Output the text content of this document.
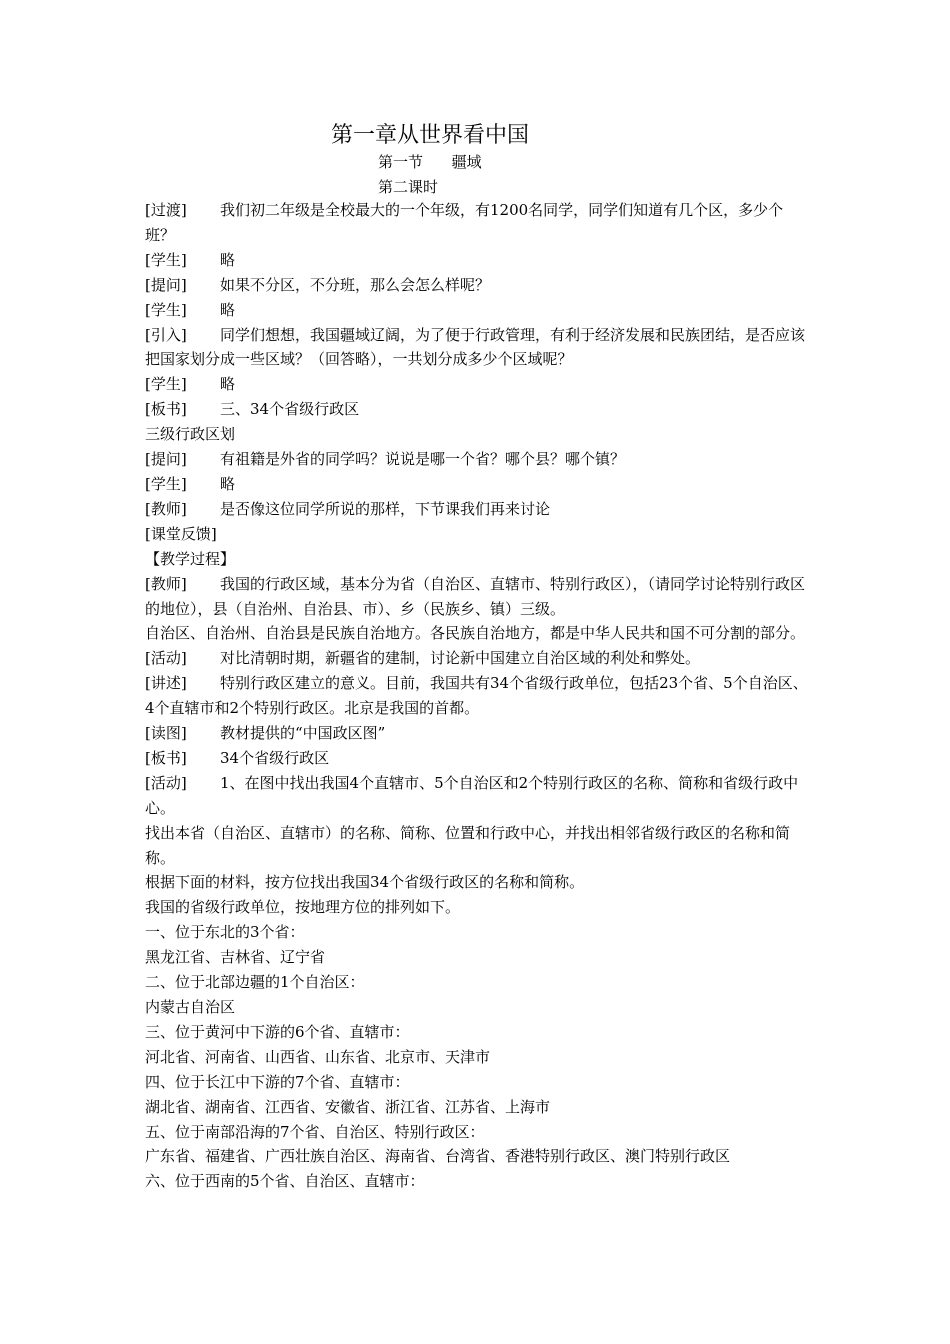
第一章从世界看中国
第一节      疆域
第二课时

[过渡] 我们初二年级是全校最大的一个年级，有1200名同学，同学们知道有几个区，多少个班？

[学生] 略

[提问] 如果不分区，不分班，那么会怎么样呢？

[学生] 略

[引入] 同学们想想，我国疆域辽阔，为了便于行政管理，有利于经济发展和民族团结，是否应该把国家划分成一些区域？（回答略），一共划分成多少个区域呢？

[学生] 略

[板书] 三、34个省级行政区

三级行政区划

[提问] 有祖籍是外省的同学吗？说说是哪一个省？哪个县？哪个镇？

[学生] 略

[教师] 是否像这位同学所说的那样，下节课我们再来讨论

[课堂反馈]

【教学过程】

[教师] 我国的行政区域，基本分为省（自治区、直辖市、特别行政区），（请同学讨论特别行政区的地位），县（自治州、自治县、市）、乡（民族乡、镇）三级。

自治区、自治州、自治县是民族自治地方。各民族自治地方，都是中华人民共和国不可分割的部分。

[活动] 对比清朝时期，新疆省的建制，讨论新中国建立自治区域的利处和弊处。

[讲述] 特别行政区建立的意义。目前，我国共有34个省级行政单位，包括23个省、5个自治区、4个直辖市和2个特别行政区。北京是我国的首都。

[读图] 教材提供的“中国政区图”

[板书] 34个省级行政区

[活动] 1、在图中找出我国4个直辖市、5个自治区和2个特别行政区的名称、简称和省级行政中心。

找出本省（自治区、直辖市）的名称、简称、位置和行政中心，并找出相邻省级行政区的名称和简称。

根据下面的材料，按方位找出我国34个省级行政区的名称和简称。

我国的省级行政单位，按地理方位的排列如下。

一、位于东北的3个省：

黑龙江省、吉林省、辽宁省

二、位于北部边疆的1个自治区：

内蒙古自治区

三、位于黄河中下游的6个省、直辖市：

河北省、河南省、山西省、山东省、北京市、天津市

四、位于长江中下游的7个省、直辖市：

湖北省、湖南省、江西省、安徽省、浙江省、江苏省、上海市

五、位于南部沿海的7个省、自治区、特别行政区：

广东省、福建省、广西壮族自治区、海南省、台湾省、香港特别行政区、澳门特别行政区

六、位于西南的5个省、自治区、直辖市：
